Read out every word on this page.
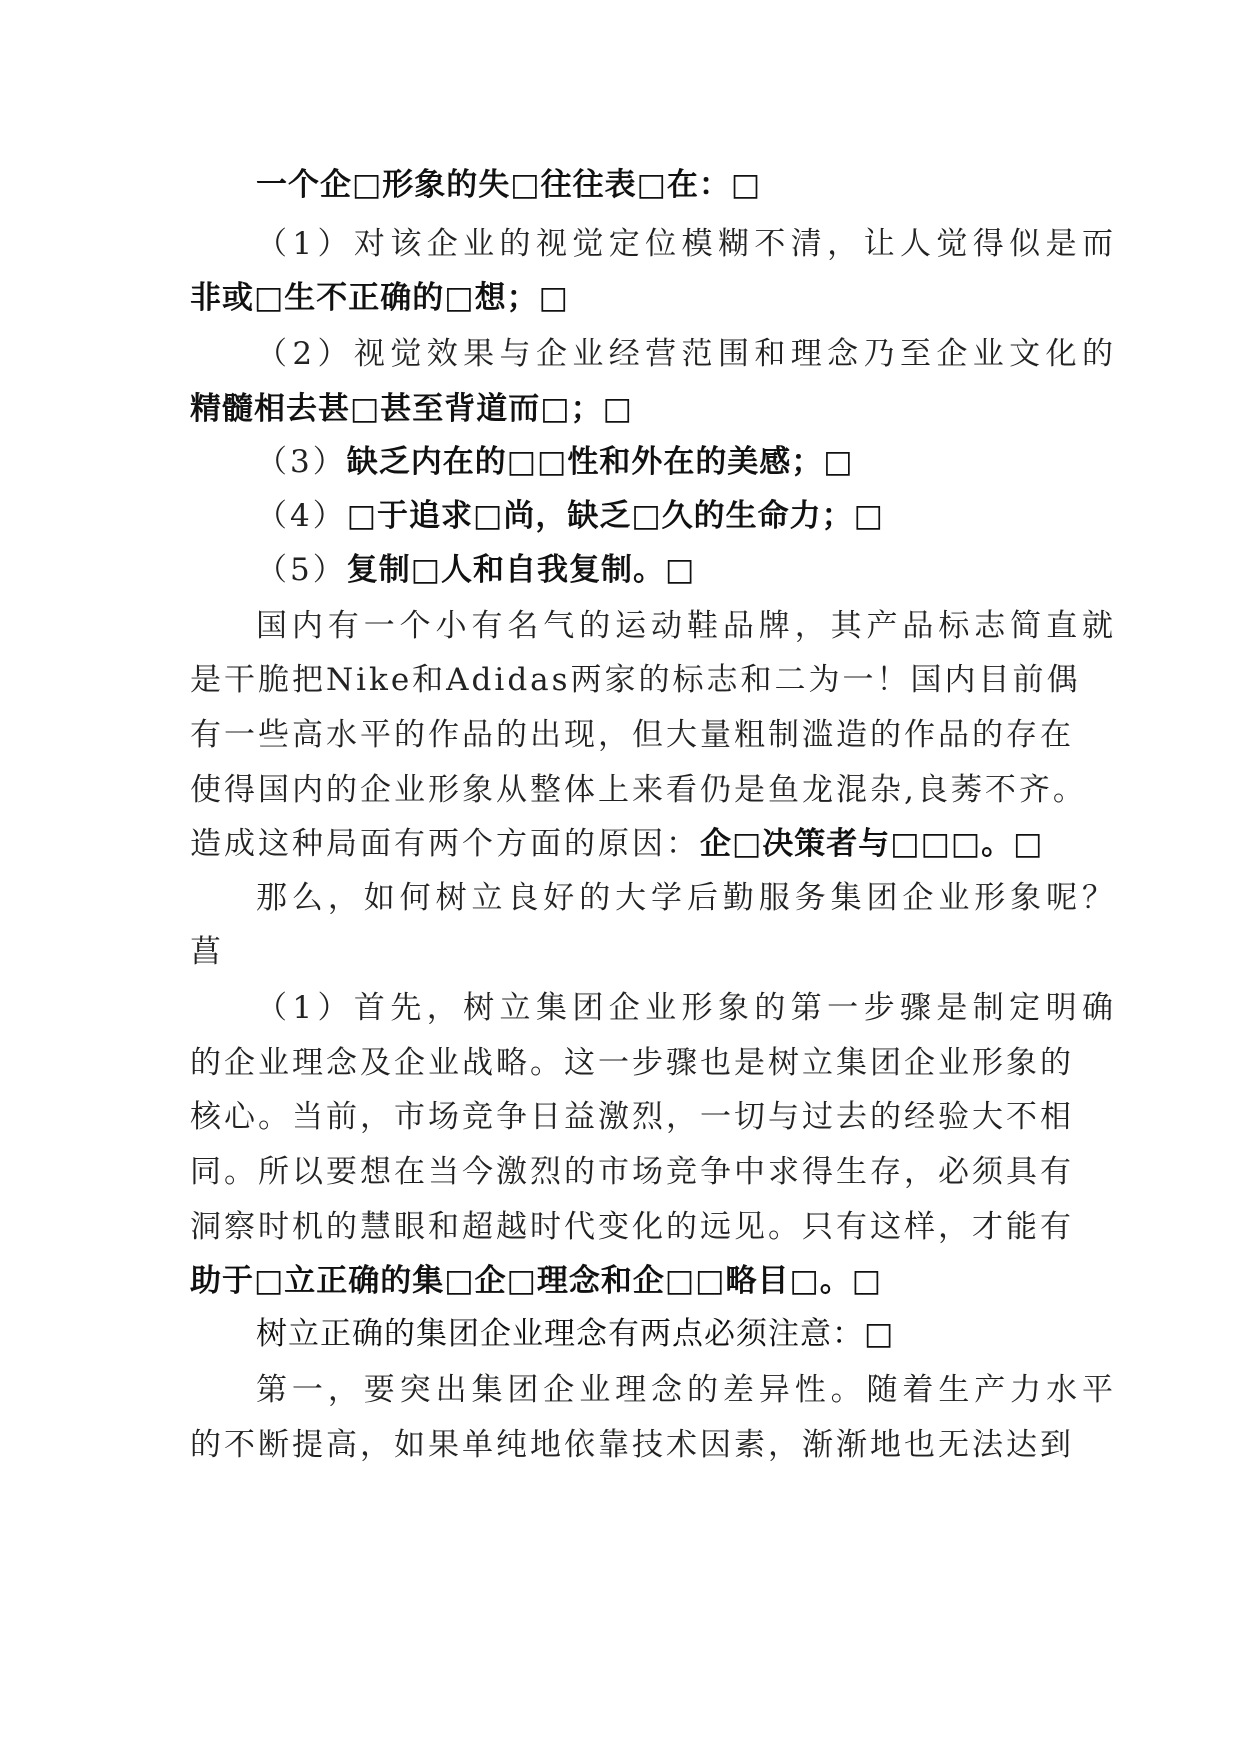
一个企□形象的失□往往表□在：□
（1）对该企业的视觉定位模糊不清，让人觉得似是而
非或□生不正确的□想；□
（2）视觉效果与企业经营范围和理念乃至企业文化的
精髓相去甚□甚至背道而□；□
（3）缺乏内在的□□性和外在的美感；□
（4）□于追求□尚，缺乏□久的生命力；□
（5）复制□人和自我复制。□
国内有一个小有名气的运动鞋品牌，其产品标志简直就
是干脆把Nike和Adidas两家的标志和二为一！国内目前偶
有一些高水平的作品的出现，但大量粗制滥造的作品的存在
使得国内的企业形象从整体上来看仍是鱼龙混杂,良莠不齐。
造成这种局面有两个方面的原因：企□决策者与□□□。□
那么，如何树立良好的大学后勤服务集团企业形象呢？
菖
（1）首先，树立集团企业形象的第一步骤是制定明确
的企业理念及企业战略。这一步骤也是树立集团企业形象的
核心。当前，市场竞争日益激烈，一切与过去的经验大不相
同。所以要想在当今激烈的市场竞争中求得生存，必须具有
洞察时机的慧眼和超越时代变化的远见。只有这样，才能有
助于□立正确的集□企□理念和企□□略目□。□
树立正确的集团企业理念有两点必须注意：□
第一，要突出集团企业理念的差异性。随着生产力水平
的不断提高，如果单纯地依靠技术因素，渐渐地也无法达到
